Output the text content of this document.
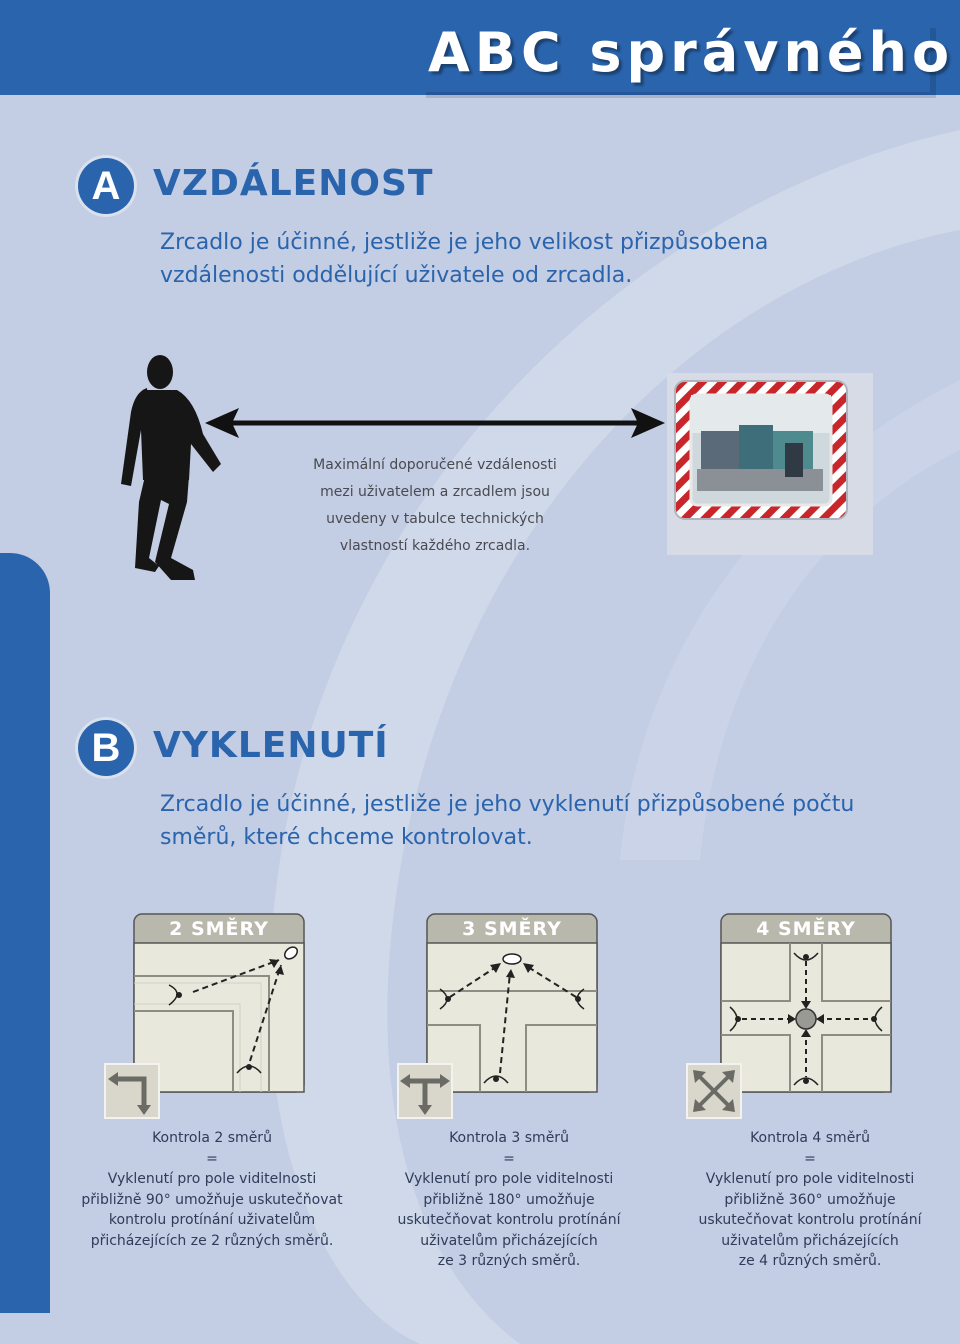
ABC správného
4
A VZDÁLENOST
Zrcadlo je účinné, jestliže je jeho velikost přizpůsobena
vzdálenosti oddělující uživatele od zrcadla.
Maximální doporučené vzdálenosti
mezi uživatelem a zrcadlem jsou
uvedeny v tabulce technických
vlastností každého zrcadla.
B VYKLENUTÍ
Zrcadlo je účinné, jestliže je jeho vyklenutí přizpůsobené počtu
směrů, které chceme kontrolovat.
2 SMĚRY	3 SMĚRY	4 SMĚRY
Kontrola 2 směrů
=
Vyklenutí pro pole viditelnosti
přibližně 90° umožňuje uskutečňovat
kontrolu protínání uživatelům
přicházejících ze 2 různých směrů.
Kontrola 3 směrů
=
Vyklenutí pro pole viditelnosti
přibližně 180° umožňuje
uskutečňovat kontrolu protínání
uživatelům přicházejících
ze 3 různých směrů.
Kontrola 4 směrů
=
Vyklenutí pro pole viditelnosti
přibližně 360° umožňuje
uskutečňovat kontrolu protínání
uživatelům přicházejících
ze 4 různých směrů.
